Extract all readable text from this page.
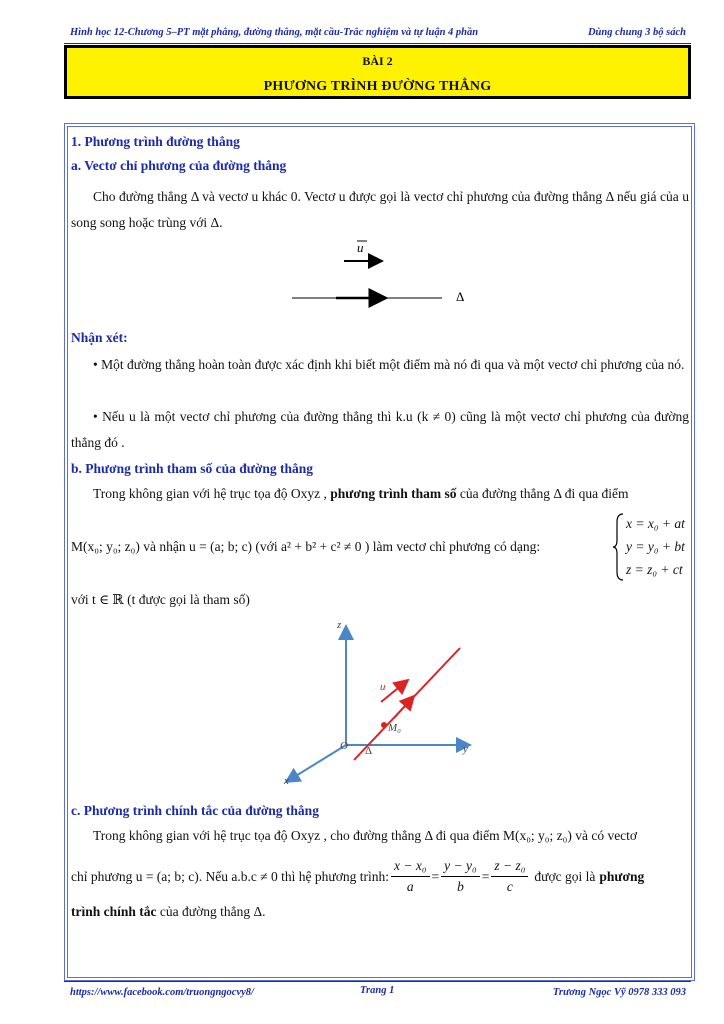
Hình học 12-Chương 5–PT mặt phẳng, đường thẳng, mặt cầu-Trắc nghiệm và tự luận 4 phần	Dùng chung 3 bộ sách
BÀI 2
PHƯƠNG TRÌNH ĐƯỜNG THẲNG
1. Phương trình đường thẳng
a. Vectơ chỉ phương của đường thẳng
Cho đường thẳng Δ và vectơ u khác 0. Vectơ u được gọi là vectơ chỉ phương của đường thẳng Δ nếu giá của u song song hoặc trùng với Δ.
u
Δ
Nhận xét:
• Một đường thẳng hoàn toàn được xác định khi biết một điểm mà nó đi qua và một vectơ chỉ phương của nó.
• Nếu u là một vectơ chỉ phương của đường thẳng thì k.u (k ≠ 0) cũng là một vectơ chỉ phương của đường thẳng đó .
b. Phương trình tham số của đường thẳng
Trong không gian với hệ trục tọa độ Oxyz , phương trình tham số của đường thẳng Δ đi qua điểm
M(x₀; y₀; z₀) và nhận u = (a; b; c) (với a² + b² + c² ≠ 0 ) làm vectơ chỉ phương có dạng:
x = x₀ + at
y = y₀ + bt
z = z₀ + ct
với t ∈ ℝ (t được gọi là tham số)
z
y
x
O
u
M₀
Δ
c. Phương trình chính tắc của đường thẳng
Trong không gian với hệ trục tọa độ Oxyz , cho đường thẳng Δ đi qua điểm M(x₀; y₀; z₀) và có vectơ
chỉ phương u = (a; b; c). Nếu a.b.c ≠ 0 thì hệ phương trình: $\frac{\text{x − x₀}}{a} = \frac{\text{y − y₀}}{b} = \frac{\text{z − z₀}}{c}$ được gọi là phương
trình chính tắc của đường thẳng Δ.
https://www.facebook.com/truongngocvy8/	Trang 1	Trương Ngọc Vỹ 0978 333 093
